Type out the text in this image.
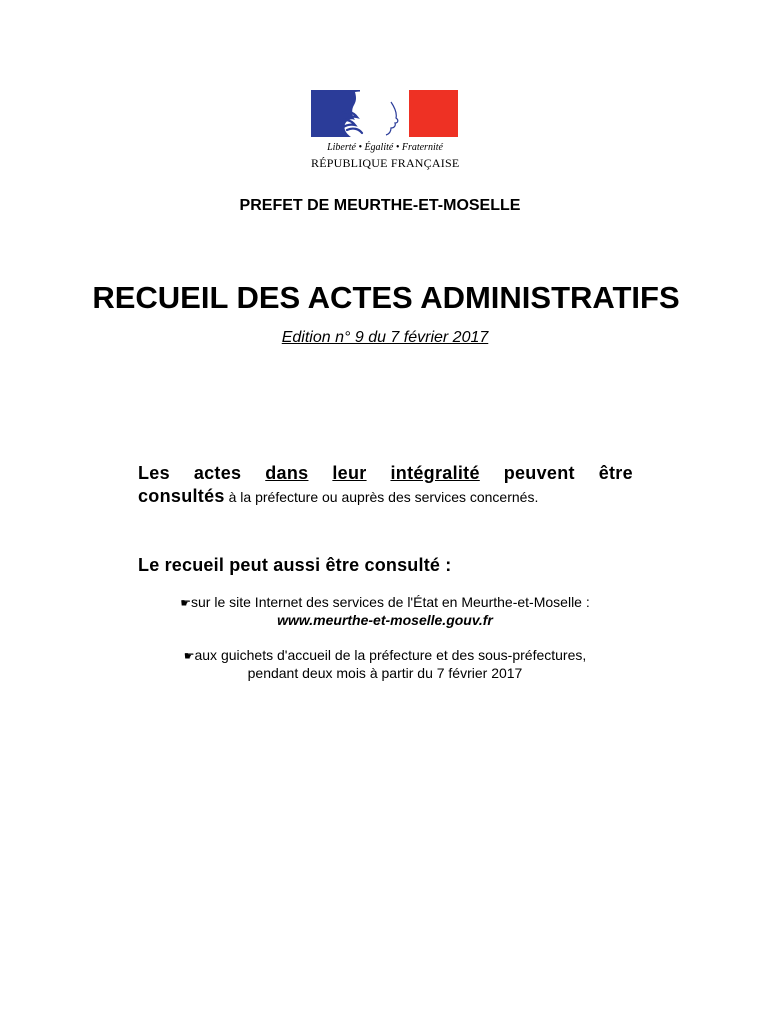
Liberté • Égalité • Fraternité
RÉPUBLIQUE FRANÇAISE
PREFET DE MEURTHE-ET-MOSELLE
RECUEIL DES ACTES ADMINISTRATIFS
Edition n° 9 du 7 février 2017
Les actes dans leur intégralité peuvent être
consultés à la préfecture ou auprès des services concernés.
Le recueil peut aussi être consulté :
☛sur le site Internet des services de l'État en Meurthe-et-Moselle :
www.meurthe-et-moselle.gouv.fr
☛aux guichets d'accueil de la préfecture et des sous-préfectures,
pendant deux mois à partir du 7 février 2017
